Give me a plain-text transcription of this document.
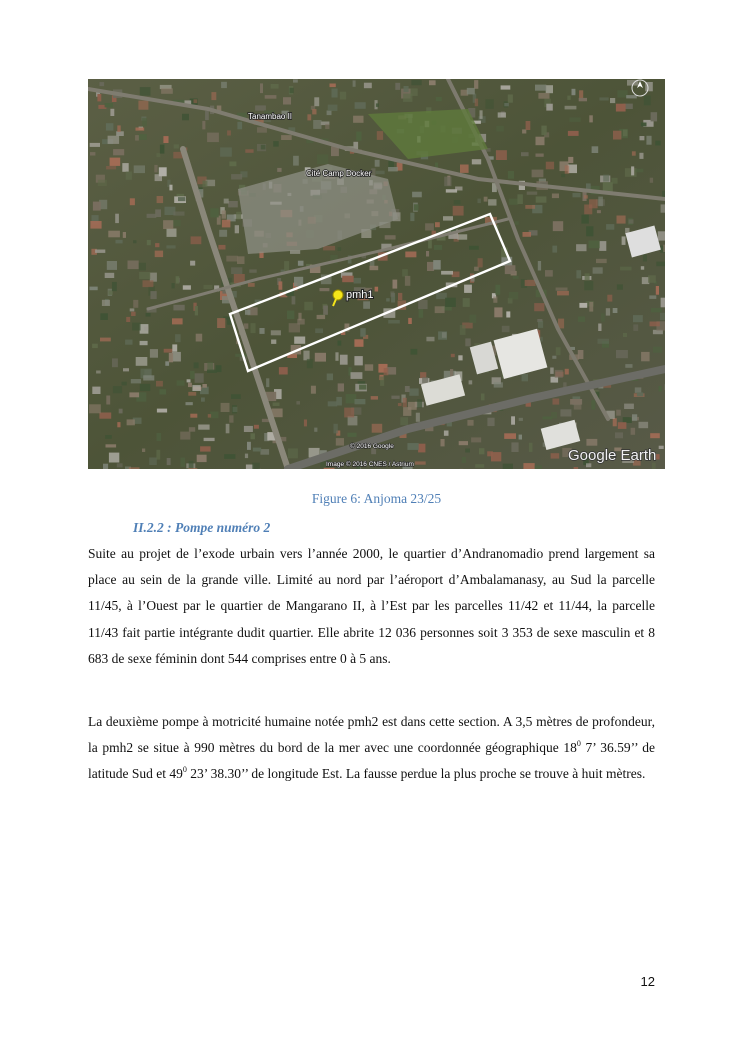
pmh1
Tanambao II
Cité Camp Docker
© 2016 Google
Image © 2016 CNES / Astrium
Google Earth
Figure 6: Anjoma 23/25
II.2.2 : Pompe numéro 2

Suite au projet de l’exode urbain vers l’année 2000, le quartier d’Andranomadio prend largement sa place au sein de la grande ville. Limité au nord par l’aéroport d’Ambalamanasy, au Sud la parcelle 11/45, à l’Ouest par le quartier de Mangarano II, à l’Est par les parcelles 11/42 et 11/44, la parcelle 11/43 fait partie intégrante dudit quartier. Elle abrite 12 036 personnes soit 3 353 de sexe masculin et 8 683 de sexe féminin dont 544 comprises entre 0 à 5 ans.

La deuxième pompe à motricité humaine notée pmh2 est dans cette section. A 3,5 mètres de profondeur, la pmh2 se situe à 990 mètres du bord de la mer avec une coordonnée géographique $18^0$ 7’ 36.59’’ de latitude Sud et $49^0$ 23’ 38.30’’ de longitude Est. La fausse perdue la plus proche se trouve à huit mètres.

12
